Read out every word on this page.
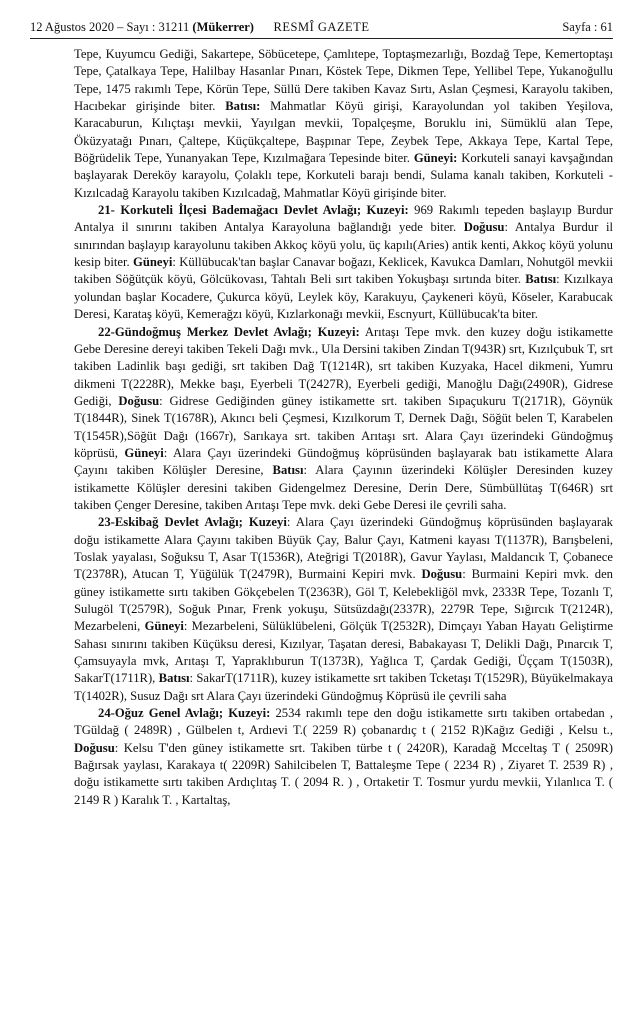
12 Ağustos 2020 – Sayı : 31211 (Mükerrer)	RESMÎ GAZETE	Sayfa : 61

Tepe, Kuyumcu Gediği, Sakartepe, Söbücetepe, Çamlıtepe, Toptaşmezarlığı, Bozdağ Tepe, Kemertoptaşı Tepe, Çatalkaya Tepe, Halilbay Hasanlar Pınarı, Köstek Tepe, Dikmen Tepe, Yellibel Tepe, Yukanoğullu Tepe, 1475 rakımlı Tepe, Körün Tepe, Süllü Dere takiben Kavaz Sırtı, Aslan Çeşmesi, Karayolu takiben, Hacıbekar girişinde biter. Batısı: Mahmatlar Köyü girişi, Karayolundan yol takiben Yeşilova, Karacaburun, Kılıçtaşı mevkii, Yayılgan mevkii, Topalçeşme, Boruklu ini, Sümüklü alan Tepe, Öküzyatağı Pınarı, Çaltepe, Küçükçaltepe, Başpınar Tepe, Zeybek Tepe, Akkaya Tepe, Kartal Tepe, Böğrüdelik Tepe, Yunanyakan Tepe, Kızılmağara Tepesinde biter. Güneyi: Korkuteli sanayi kavşağından başlayarak Dereköy karayolu, Çolaklı tepe, Korkuteli barajı bendi, Sulama kanalı takiben, Korkuteli - Kızılcadağ Karayolu takiben Kızılcadağ, Mahmatlar Köyü girişinde biter.

21- Korkuteli İlçesi Bademağacı Devlet Avlağı; Kuzeyi: 969 Rakımlı tepeden başlayıp Burdur Antalya il sınırını takiben Antalya Karayoluna bağlandığı yede biter. Doğusu: Antalya Burdur il sınırından başlayıp karayolunu takiben Akkoç köyü yolu, üç kapılı(Aries) antik kenti, Akkoç köyü yolunu kesip biter. Güneyi: Küllübucak'tan başlar Canavar boğazı, Keklicek, Kavukca Damları, Nohutgöl mevkii takiben Söğütçük köyü, Gölcükovası, Tahtalı Beli sırt takiben Yokuşbaşı sırtında biter. Batısı: Kızılkaya yolundan başlar Kocadere, Çukurca köyü, Leylek köy, Karakuyu, Çaykeneri köyü, Köseler, Karabucak Deresi, Karataş köyü, Kemerağzı köyü, Kızlarkonağı mevkii, Escnyurt, Küllübucak'ta biter.

22-Gündoğmuş Merkez Devlet Avlağı; Kuzeyi: Arıtaşı Tepe mvk. den kuzey doğu istikamette Gebe Deresine dereyi takiben Tekeli Dağı mvk., Ula Dersini takiben Zindan T(943R) srt, Kızılçubuk T, srt takiben Ladinlik başı gediği, srt takiben Dağ T(1214R), srt takiben Kuzyaka, Hacel dikmeni, Yumru dikmeni T(2228R), Mekke başı, Eyerbeli T(2427R), Eyerbeli gediği, Manoğlu Dağı(2490R), Gidrese Gediği, Doğusu: Gidrese Gediğinden güney istikamette srt. takiben Sıpaçukuru T(2171R), Göynük T(1844R), Sinek T(1678R), Akıncı beli Çeşmesi, Kızılkorum T, Dernek Dağı, Söğüt belen T, Karabelen T(1545R),Söğüt Dağı (1667r), Sarıkaya srt. takiben Arıtaşı srt. Alara Çayı üzerindeki Gündoğmuş köprüsü, Güneyi: Alara Çayı üzerindeki Gündoğmuş köprüsünden başlayarak batı istikamette Alara Çayını takiben Kölüşler Deresine, Batısı: Alara Çayının üzerindeki Kölüşler Deresinden kuzey istikamette Kölüşler deresini takiben Gidengelmez Deresine, Derin Dere, Sümbüllütaş T(646R) srt takiben Çenger Deresine, takiben Arıtaşı Tepe mvk. deki Gebe Deresi ile çevrili saha.

23-Eskibağ Devlet Avlağı; Kuzeyi: Alara Çayı üzerindeki Gündoğmuş köprüsünden başlayarak doğu istikamette Alara Çayını takiben Büyük Çay, Balur Çayı, Katmeni kayası T(1137R), Barışbeleni, Toslak yayalası, Soğuksu T, Asar T(1536R), Ateğrigi T(2018R), Gavur Yaylası, Maldancık T, Çobanece T(2378R), Atucan T, Yüğülük T(2479R), Burmaini Kepiri mvk. Doğusu: Burmaini Kepiri mvk. den güney istikamette sırtı takiben Gökçebelen T(2363R), Göl T, Kelebekliğöl mvk, 2333R Tepe, Tozanlı T, Sulugöl T(2579R), Soğuk Pınar, Frenk yokuşu, Sütsüzdağı(2337R), 2279R Tepe, Sığırcık T(2124R), Mezarbeleni, Güneyi: Mezarbeleni, Sülüklübeleni, Gölçük T(2532R), Dimçayı Yaban Hayatı Geliştirme Sahası sınırını takiben Küçüksu deresi, Kızılyar, Taşatan deresi, Babakayası T, Delikli Dağı, Pınarcık T, Çamsuyayla mvk, Arıtaşı T, Yapraklıburun T(1373R), Yağlıca T, Çardak Gediği, Üççam T(1503R), SakarT(1711R), Batısı: SakarT(1711R), kuzey istikamette srt takiben Tcketaşı T(1529R), Büyükelmakaya T(1402R), Susuz Dağı srt Alara Çayı üzerindeki Gündoğmuş Köprüsü ile çevrili saha

24-Oğuz Genel Avlağı; Kuzeyi: 2534 rakımlı tepe den doğu istikamette sırtı takiben ortabedan , TGüldağ ( 2489R) , Gülbelen t, Ardıevi T.( 2259 R) çobanardıç t ( 2152 R)Kağız Gediği , Kelsu t., Doğusu: Kelsu T'den güney istikamette srt. Takiben türbe t ( 2420R), Karadağ Mcceltaş T ( 2509R) Bağırsak yaylası, Karakaya t( 2209R) Sahilcibelen T, Battaleşme Tepe ( 2234 R) , Ziyaret T. 2539 R) , doğu istikamette sırtı takiben Ardıçlıtaş T. ( 2094 R. ) , Ortaketir T. Tosmur yurdu mevkii, Yılanlıca T. ( 2149 R ) Karalık T. , Kartaltaş,
